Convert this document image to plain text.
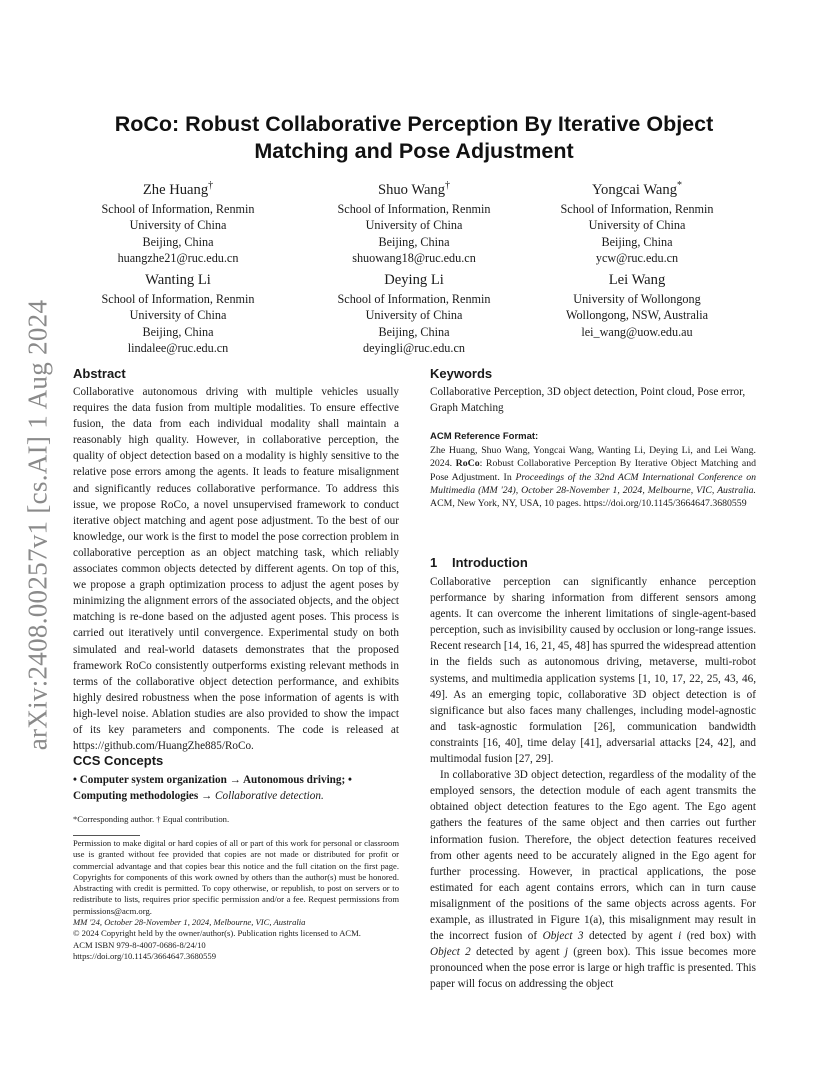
arXiv:2408.00257v1 [cs.AI] 1 Aug 2024
RoCo: Robust Collaborative Perception By Iterative Object
Matching and Pose Adjustment
Zhe Huang†
School of Information, Renmin
University of China
Beijing, China
huangzhe21@ruc.edu.cn
Shuo Wang†
School of Information, Renmin
University of China
Beijing, China
shuowang18@ruc.edu.cn
Yongcai Wang*
School of Information, Renmin
University of China
Beijing, China
ycw@ruc.edu.cn
Wanting Li
School of Information, Renmin
University of China
Beijing, China
lindalee@ruc.edu.cn
Deying Li
School of Information, Renmin
University of China
Beijing, China
deyingli@ruc.edu.cn
Lei Wang
University of Wollongong
Wollongong, NSW, Australia
lei_wang@uow.edu.au
Abstract

Collaborative autonomous driving with multiple vehicles usually requires the data fusion from multiple modalities. To ensure effective fusion, the data from each individual modality shall maintain a reasonably high quality. However, in collaborative perception, the quality of object detection based on a modality is highly sensitive to the relative pose errors among the agents. It leads to feature misalignment and significantly reduces collaborative performance. To address this issue, we propose RoCo, a novel unsupervised framework to conduct iterative object matching and agent pose adjustment. To the best of our knowledge, our work is the first to model the pose correction problem in collaborative perception as an object matching task, which reliably associates common objects detected by different agents. On top of this, we propose a graph optimization process to adjust the agent poses by minimizing the alignment errors of the associated objects, and the object matching is re-done based on the adjusted agent poses. This process is carried out iteratively until convergence. Experimental study on both simulated and real-world datasets demonstrates that the proposed framework RoCo consistently outperforms existing relevant methods in terms of the collaborative object detection performance, and exhibits highly desired robustness when the pose information of agents is with high-level noise. Ablation studies are also provided to show the impact of its key parameters and components. The code is released at https://github.com/HuangZhe885/RoCo.

CCS Concepts

• Computer system organization → Autonomous driving; •
Computing methodologies → Collaborative detection.

*Corresponding author. † Equal contribution.

Permission to make digital or hard copies of all or part of this work for personal or classroom use is granted without fee provided that copies are not made or distributed for profit or commercial advantage and that copies bear this notice and the full citation on the first page. Copyrights for components of this work owned by others than the author(s) must be honored. Abstracting with credit is permitted. To copy otherwise, or republish, to post on servers or to redistribute to lists, requires prior specific permission and/or a fee. Request permissions from permissions@acm.org.

MM '24, October 28-November 1, 2024, Melbourne, VIC, Australia

© 2024 Copyright held by the owner/author(s). Publication rights licensed to ACM.

ACM ISBN 979-8-4007-0686-8/24/10

https://doi.org/10.1145/3664647.3680559

Keywords

Collaborative Perception, 3D object detection, Point cloud, Pose error, Graph Matching

ACM Reference Format:

Zhe Huang, Shuo Wang, Yongcai Wang, Wanting Li, Deying Li, and Lei Wang. 2024. RoCo: Robust Collaborative Perception By Iterative Object Matching and Pose Adjustment. In Proceedings of the 32nd ACM International Conference on Multimedia (MM '24), October 28-November 1, 2024, Melbourne, VIC, Australia. ACM, New York, NY, USA, 10 pages. https://doi.org/10.1145/3664647.3680559

1 Introduction

Collaborative perception can significantly enhance perception performance by sharing information from different sensors among agents. It can overcome the inherent limitations of single-agent-based perception, such as invisibility caused by occlusion or long-range issues. Recent research [14, 16, 21, 45, 48] has spurred the widespread attention in the fields such as autonomous driving, metaverse, multi-robot systems, and multimedia application systems [1, 10, 17, 22, 25, 43, 46, 49]. As an emerging topic, collaborative 3D object detection is of significance but also faces many challenges, including model-agnostic and task-agnostic formulation [26], communication bandwidth constraints [16, 40], time delay [41], adversarial attacks [24, 42], and multimodal fusion [27, 29].

In collaborative 3D object detection, regardless of the modality of the employed sensors, the detection module of each agent transmits the obtained object detection features to the Ego agent. The Ego agent gathers the features of the same object and then carries out further information fusion. Therefore, the object detection features received from other agents need to be accurately aligned in the Ego agent for further processing. However, in practical applications, the pose estimated for each agent contains errors, which can in turn cause misalignment of the positions of the same objects across agents. For example, as illustrated in Figure 1(a), this misalignment may result in the incorrect fusion of Object 3 detected by agent i (red box) with Object 2 detected by agent j (green box). This issue becomes more pronounced when the pose error is large or high traffic is presented. This paper will focus on addressing the object
